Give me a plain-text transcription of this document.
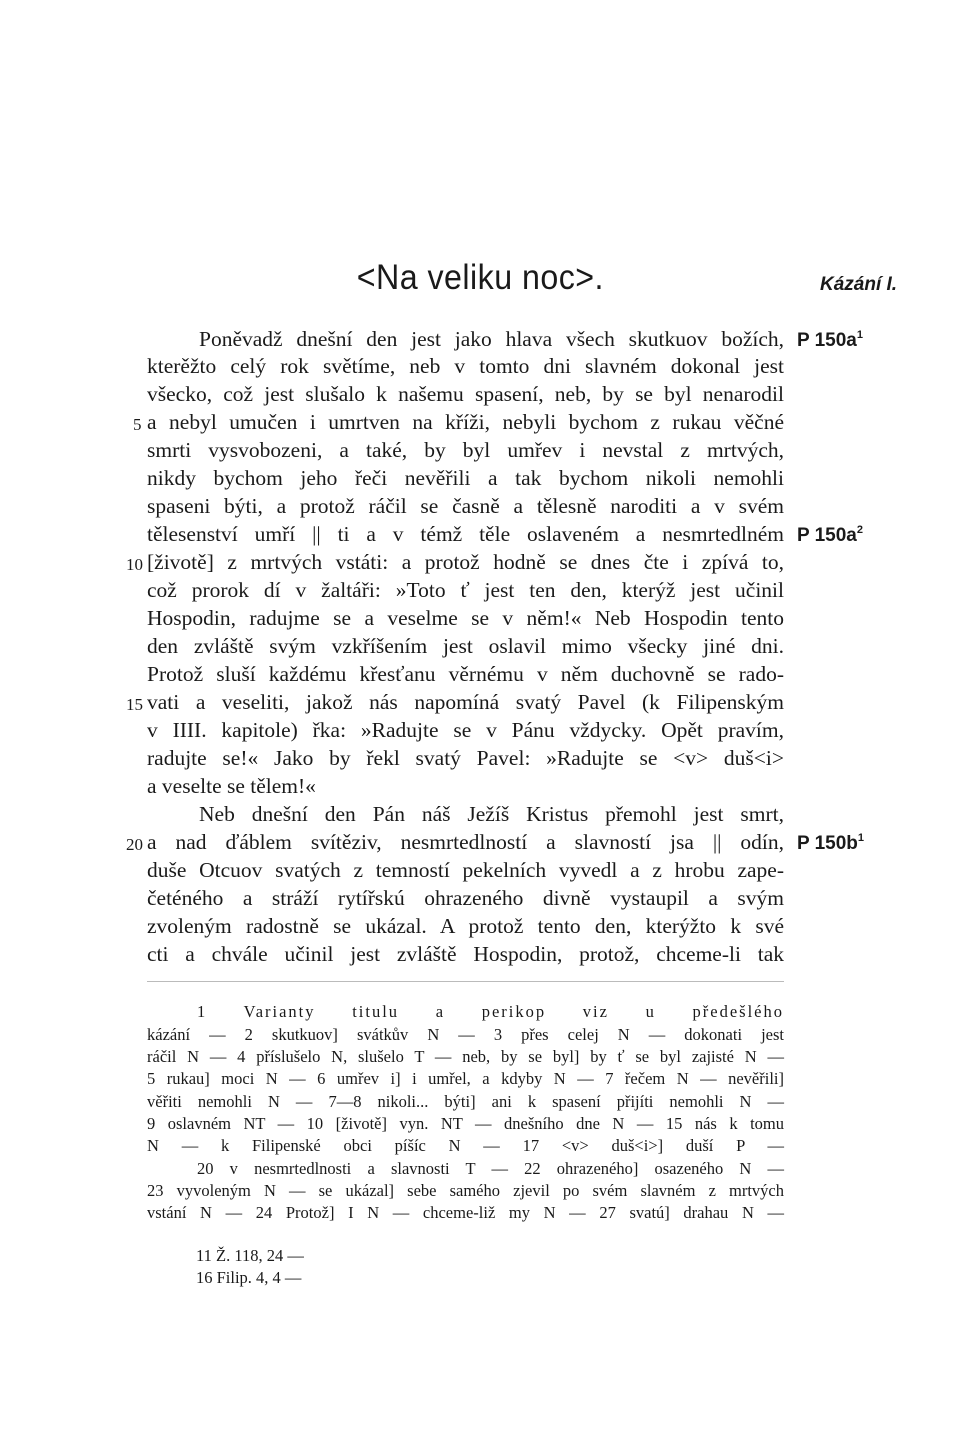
<Na veliku noc>.	Kázání I.
Poněvadž dnešní den jest jako hlava všech skutkuov božích,
kterěžto celý rok světíme, neb v tomto dni slavném dokonal jest
všecko, což jest slušalo k našemu spasení, neb, by se byl nenarodil
a nebyl umučen i umrtven na kříži, nebyli bychom z rukau věčné
smrti vysvobozeni, a také, by byl umřev i nevstal z mrtvých,
nikdy bychom jeho řeči nevěřili a tak bychom nikoli nemohli
spaseni býti, a protož ráčil se časně a tělesně naroditi a v svém
tělesenství umří || ti a v témž těle oslaveném a nesmrtedlném
[životě] z mrtvých vstáti: a protož hodně se dnes čte i zpívá to,
což prorok dí v žaltáři: »Toto ť jest ten den, kterýž jest učinil
Hospodin, radujme se a veselme se v něm!« Neb Hospodin tento
den zvláště svým vzkříšením jest oslavil mimo všecky jiné dni.
Protož sluší každému křesťanu věrnému v něm duchovně se rado-
vati a veseliti, jakož nás napomíná svatý Pavel (k Filipenským
v IIII. kapitole) řka: »Radujte se v Pánu vždycky. Opět pravím,
radujte se!« Jako by řekl svatý Pavel: »Radujte se <v> duš<i>
a veselte se tělem!«
Neb dnešní den Pán náš Ježíš Kristus přemohl jest smrt,
a nad ďáblem svítěziv, nesmrtedlností a slavností jsa || odín,
duše Otcuov svatých z temností pekelních vyvedl a z hrobu zape-
četéného a stráží rytířskú ohrazeného divně vystaupil a svým
zvoleným radostně se ukázal. A protož tento den, kterýžto k své
cti a chvále učinil jest zvláště Hospodin, protož, chceme-li tak
5
10
15
20
P $150a^1$
P $150a^2$
P $150b^1$
1 Varianty titulu a perikop viz u předešlého
kázání — 2 skutkuov] svátkův N — 3 přes celej N — dokonati jest
ráčil N — 4 příslušelo N, slušelo T — neb, by se byl] by ť se byl zajisté N —
5 rukau] moci N — 6 umřev i] i umřel, a kdyby N — 7 řečem N — nevěřili]
věřiti nemohli N — 7—8 nikoli... býti] ani k spasení přijíti nemohli N —
9 oslavném NT — 10 [životě] vyn. NT — dnešního dne N — 15 nás k tomu
N — k Filipenské obci píšíc N — 17 <v> duš<i>] duší P —
20 v nesmrtedlnosti a slavnosti T — 22 ohrazeného] osazeného N —
23 vyvoleným N — se ukázal] sebe samého zjevil po svém slavném z mrtvých
vstání N — 24 Protož] I N — chceme-liž my N — 27 svatú] drahau N —
11 Ž. 118, 24 —
16 Filip. 4, 4 —
